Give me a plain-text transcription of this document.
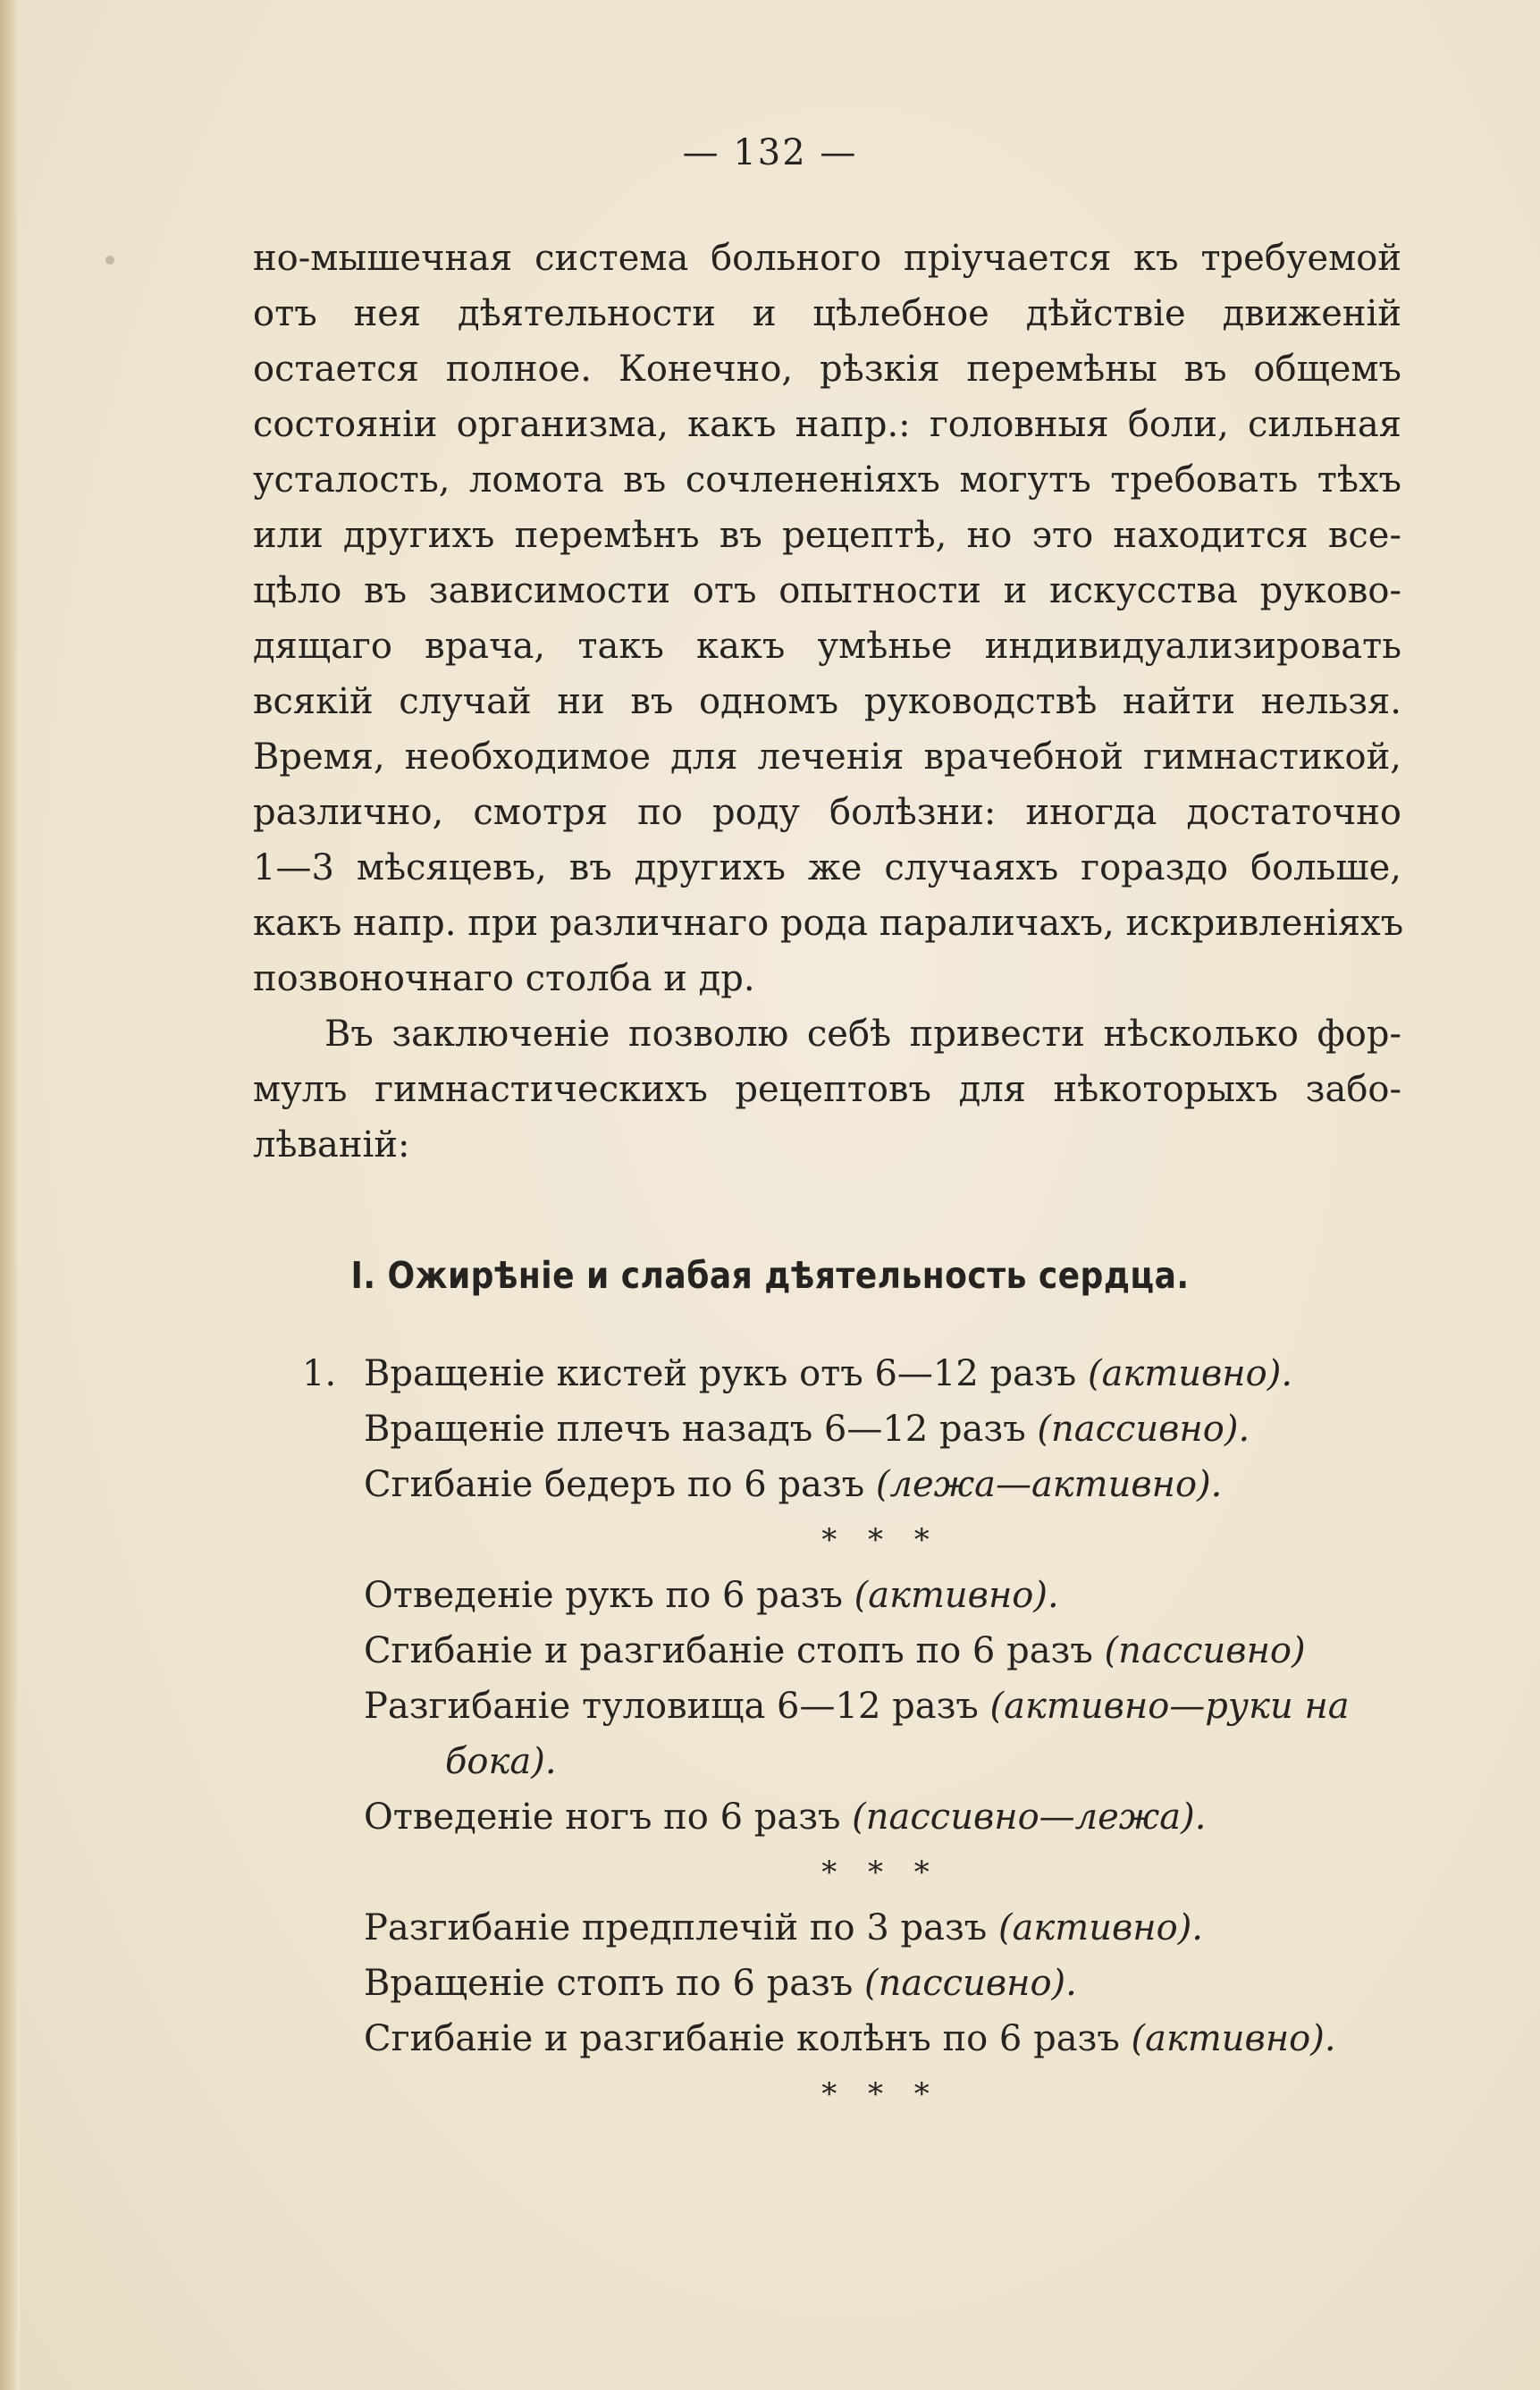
— 132 —
но-мышечная система больного пріучается къ требуемой
отъ нея дѣятельности и цѣлебное дѣйствіе движеній
остается полное. Конечно, рѣзкія перемѣны въ общемъ
состояніи организма, какъ напр.: головныя боли, сильная
усталость, ломота въ сочлененіяхъ могутъ требовать тѣхъ
или другихъ перемѣнъ въ рецептѣ, но это находится все-
цѣло въ зависимости отъ опытности и искусства руково-
дящаго врача, такъ какъ умѣнье индивидуализировать
всякій случай ни въ одномъ руководствѣ найти нельзя.
Время, необходимое для леченія врачебной гимнастикой,
различно, смотря по роду болѣзни: иногда достаточно
1—3 мѣсяцевъ, въ другихъ же случаяхъ гораздо больше,
какъ напр. при различнаго рода параличахъ, искривленіяхъ
позвоночнаго столба и др.
Въ заключеніе позволю себѣ привести нѣсколько фор-
мулъ гимнастическихъ рецептовъ для нѣкоторыхъ забо-
лѣваній:
I. Ожирѣніе и слабая дѣятельность сердца.
1. Вращеніе кистей рукъ отъ 6—12 разъ (активно).
Вращеніе плечъ назадъ 6—12 разъ (пассивно).
Сгибаніе бедеръ по 6 разъ (лежа—активно).
* * *
Отведеніе рукъ по 6 разъ (активно).
Сгибаніе и разгибаніе стопъ по 6 разъ (пассивно)
Разгибаніе туловища 6—12 разъ (активно—руки на
бока).
Отведеніе ногъ по 6 разъ (пассивно—лежа).
* * *
Разгибаніе предплечій по 3 разъ (активно).
Вращеніе стопъ по 6 разъ (пассивно).
Сгибаніе и разгибаніе колѣнъ по 6 разъ (активно).
* * *
